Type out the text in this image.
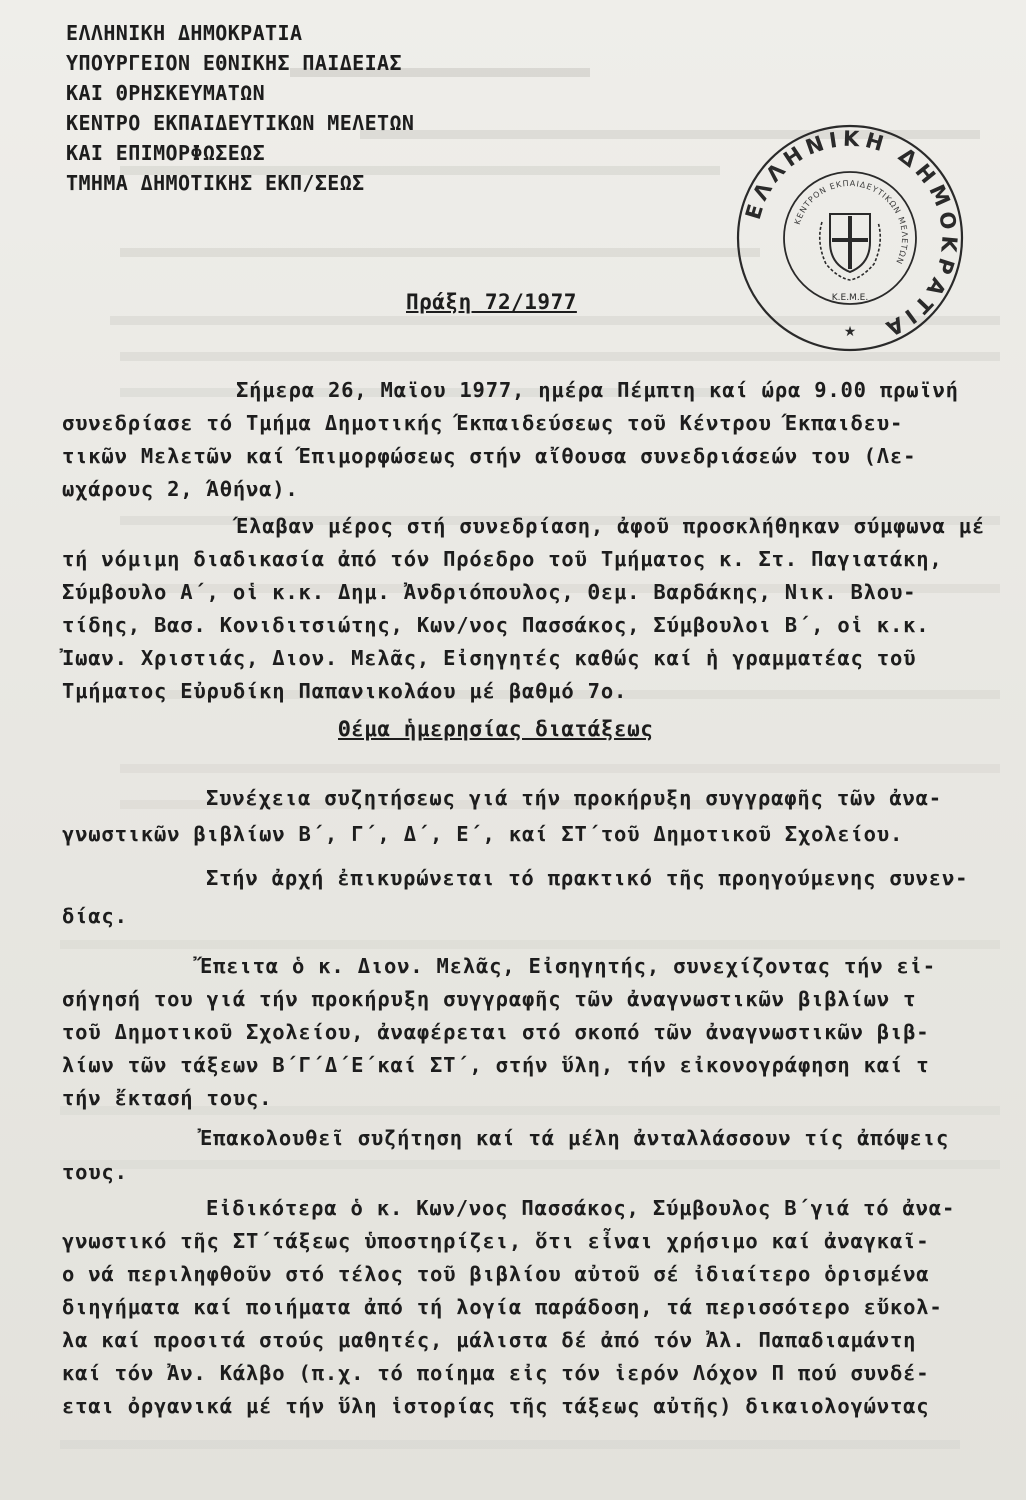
ΕΛΛΗΝΙΚΗ ΔΗΜΟΚΡΑΤΙΑ
ΥΠΟΥΡΓΕΙΟΝ ΕΘΝΙΚΗΣ ΠΑΙΔΕΙΑΣ
ΚΑΙ ΘΡΗΣΚΕΥΜΑΤΩΝ
ΚΕΝΤΡΟ ΕΚΠΑΙΔΕΥΤΙΚΩΝ ΜΕΛΕΤΩΝ
ΚΑΙ ΕΠΙΜΟΡΦΩΣΕΩΣ
ΤΜΗΜΑ ΔΗΜΟΤΙΚΗΣ ΕΚΠ/ΣΕΩΣ
ΕΛΛΗΝΙΚΗ ΔΗΜΟΚΡΑΤΙΑ
ΚΕΝΤΡΟΝ ΕΚΠΑΙΔΕΥΤΙΚΩΝ ΜΕΛΕΤΩΝ
Κ.Ε.Μ.Ε.
★
Πράξη 72/1977
Σήμερα 26, Μαϊου 1977, ημέρα Πέμπτη καί ώρα 9.00 πρωϊνή
συνεδρίασε τό Τμήμα Δημοτικής Έκπαιδεύσεως τοῦ Κέντρου Έκπαιδευ-
τικῶν Μελετῶν καί Έπιμορφώσεως στήν αἴθουσα συνεδριάσεών του (Λε-
ωχάρους 2, Άθήνα).
Έλαβαν μέρος στή συνεδρίαση, ἀφοῦ προσκλήθηκαν σύμφωνα μέ
τή νόμιμη διαδικασία ἀπό τόν Πρόεδρο τοῦ Τμήματος κ. Στ. Παγιατάκη,
Σύμβουλο Α΄, οἱ κ.κ. Δημ. Ἀνδριόπουλος, Θεμ. Βαρδάκης, Νικ. Βλου-
τίδης, Βασ. Κονιδιτσιώτης, Κων/νος Πασσάκος, Σύμβουλοι Β΄, οἱ κ.κ.
Ἰωαν. Χριστιάς, Διον. Μελᾶς, Εἰσηγητές καθώς καί ἡ γραμματέας τοῦ
Τμήματος Εὐρυδίκη Παπανικολάου μέ βαθμό 7ο.
Θέμα ἡμερησίας διατάξεως
Συνέχεια συζητήσεως γιά τήν προκήρυξη συγγραφῆς τῶν ἀνα-
γνωστικῶν βιβλίων Β΄, Γ΄, Δ΄, Ε΄, καί ΣΤ΄τοῦ Δημοτικοῦ Σχολείου.
Στήν ἀρχή ἐπικυρώνεται τό πρακτικό τῆς προηγούμενης συνεν-
δίας.
Ἔπειτα ὁ κ. Διον. Μελᾶς, Εἰσηγητής, συνεχίζοντας τήν εἰ-
σήγησή του γιά τήν προκήρυξη συγγραφῆς τῶν ἀναγνωστικῶν βιβλίων τ
τοῦ Δημοτικοῦ Σχολείου, ἀναφέρεται στό σκοπό τῶν ἀναγνωστικῶν βιβ-
λίων τῶν τάξεων Β΄Γ΄Δ΄Ε΄καί ΣΤ΄, στήν ὕλη, τήν εἰκονογράφηση καί τ
τήν ἔκτασή τους.
Ἐπακολουθεῖ συζήτηση καί τά μέλη ἀνταλλάσσουν τίς ἀπόψεις
τους.
Εἰδικότερα ὁ κ. Κων/νος Πασσάκος, Σύμβουλος Β΄γιά τό ἀνα-
γνωστικό τῆς ΣΤ΄τάξεως ὑποστηρίζει, ὅτι εἶναι χρήσιμο καί ἀναγκαῖ-
ο νά περιληφθοῦν στό τέλος τοῦ βιβλίου αὐτοῦ σέ ἰδιαίτερο ὁρισμένα
διηγήματα καί ποιήματα ἀπό τή λογία παράδοση, τά περισσότερο εὔκολ-
λα καί προσιτά στούς μαθητές, μάλιστα δέ ἀπό τόν Ἀλ. Παπαδιαμάντη
καί τόν Ἀν. Κάλβο (π.χ. τό ποίημα εἰς τόν ἱερόν Λόχον Π πού συνδέ-
εται ὀργανικά μέ τήν ὕλη ἱστορίας τῆς τάξεως αὐτῆς) δικαιολογώντας
